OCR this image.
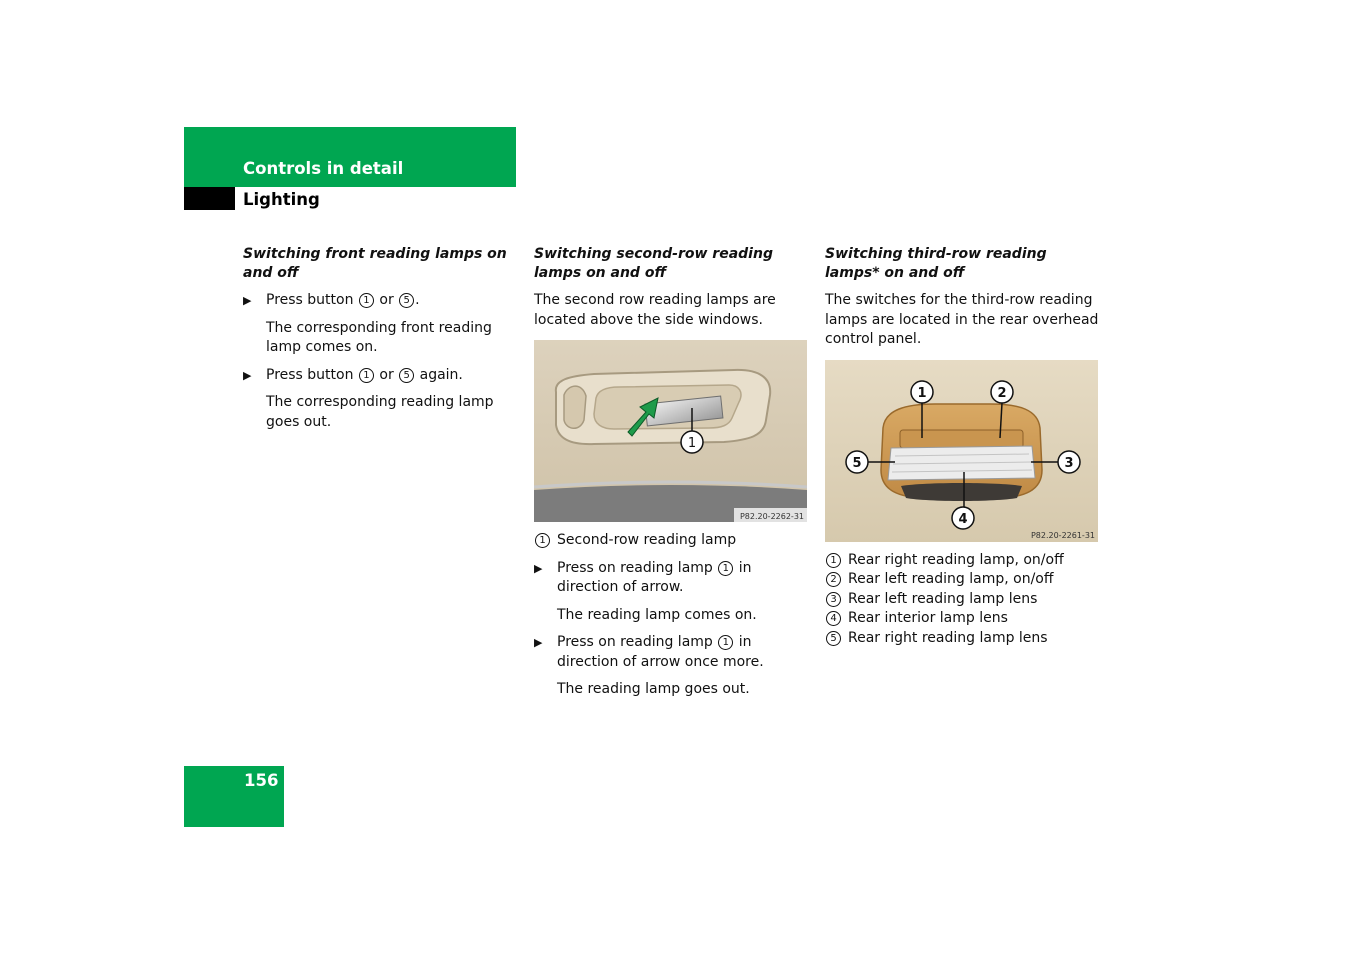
Controls in detail
Lighting

Switching front reading lamps on and off

▶ Press button 1 or 5 .

The corresponding front reading lamp comes on.

▶ Press button 1 or 5 again.

The corresponding reading lamp goes out.

Switching second-row reading lamps on and off

The second row reading lamps are located above the side windows.

1
P82.20-2262-31
1 Second-row reading lamp
▶ Press on reading lamp 1 in direction of arrow.

The reading lamp comes on.

▶ Press on reading lamp 1 in direction of arrow once more.

The reading lamp goes out.

Switching third-row reading lamps* on and off

The switches for the third-row reading lamps are located in the rear overhead control panel.

1	2
3
4
5
P82.20-2261-31
1 Rear right reading lamp, on/off
2 Rear left reading lamp, on/off
3 Rear left reading lamp lens
4 Rear interior lamp lens
5 Rear right reading lamp lens
156
